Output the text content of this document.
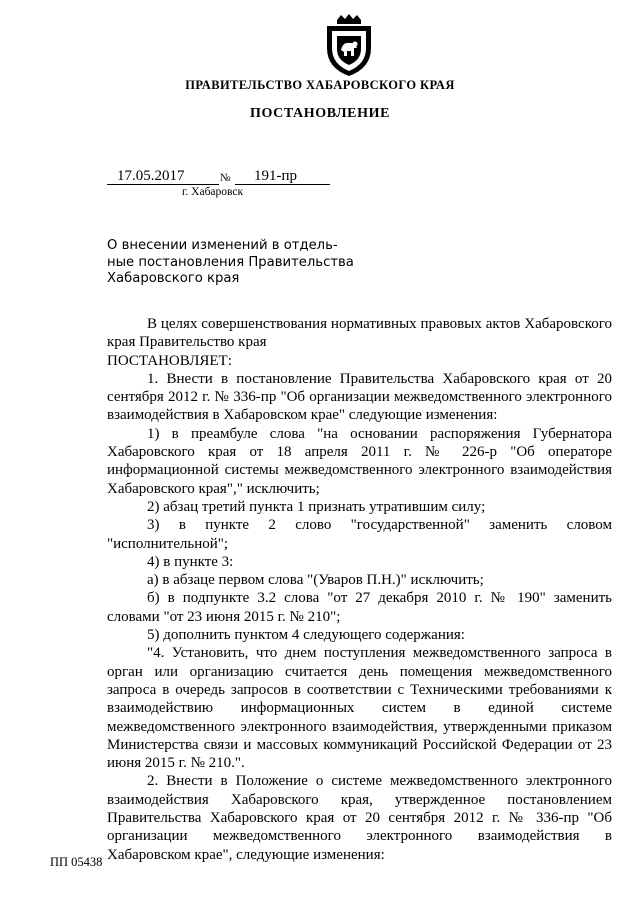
ПРАВИТЕЛЬСТВО ХАБАРОВСКОГО КРАЯ
ПОСТАНОВЛЕНИЕ
17.05.2017	№ 191-пр
г. Хабаровск
О внесении изменений в отдель-
ные постановления Правительства
Хабаровского края

В целях совершенствования нормативных правовых актов Хабаровского края Правительство края

ПОСТАНОВЛЯЕТ:

1. Внести в постановление Правительства Хабаровского края от 20 сентября 2012 г. № 336-пр "Об организации межведомственного электронного взаимодействия в Хабаровском крае" следующие изменения:

1) в преамбуле слова "на основании распоряжения Губернатора Хабаровского края от 18 апреля 2011 г. № 226-р "Об операторе информационной системы межведомственного электронного взаимодействия Хабаровского края"," исключить;

2) абзац третий пункта 1 признать утратившим силу;

3) в пункте 2 слово "государственной" заменить словом "исполнительной";

4) в пункте 3:

а) в абзаце первом слова "(Уваров П.Н.)" исключить;

б) в подпункте 3.2 слова "от 27 декабря 2010 г. № 190" заменить словами "от 23 июня 2015 г. № 210";

5) дополнить пунктом 4 следующего содержания:

"4. Установить, что днем поступления межведомственного запроса в орган или организацию считается день помещения межведомственного запроса в очередь запросов в соответствии с Техническими требованиями к взаимодействию информационных систем в единой системе межведомственного электронного взаимодействия, утвержденными приказом Министерства связи и массовых коммуникаций Российской Федерации от 23 июня 2015 г. № 210.".

2. Внести в Положение о системе межведомственного электронного взаимодействия Хабаровского края, утвержденное постановлением Правительства Хабаровского края от 20 сентября 2012 г. № 336-пр "Об организации межведомственного электронного взаимодействия в Хабаровском крае", следующие изменения:

ПП 05438
